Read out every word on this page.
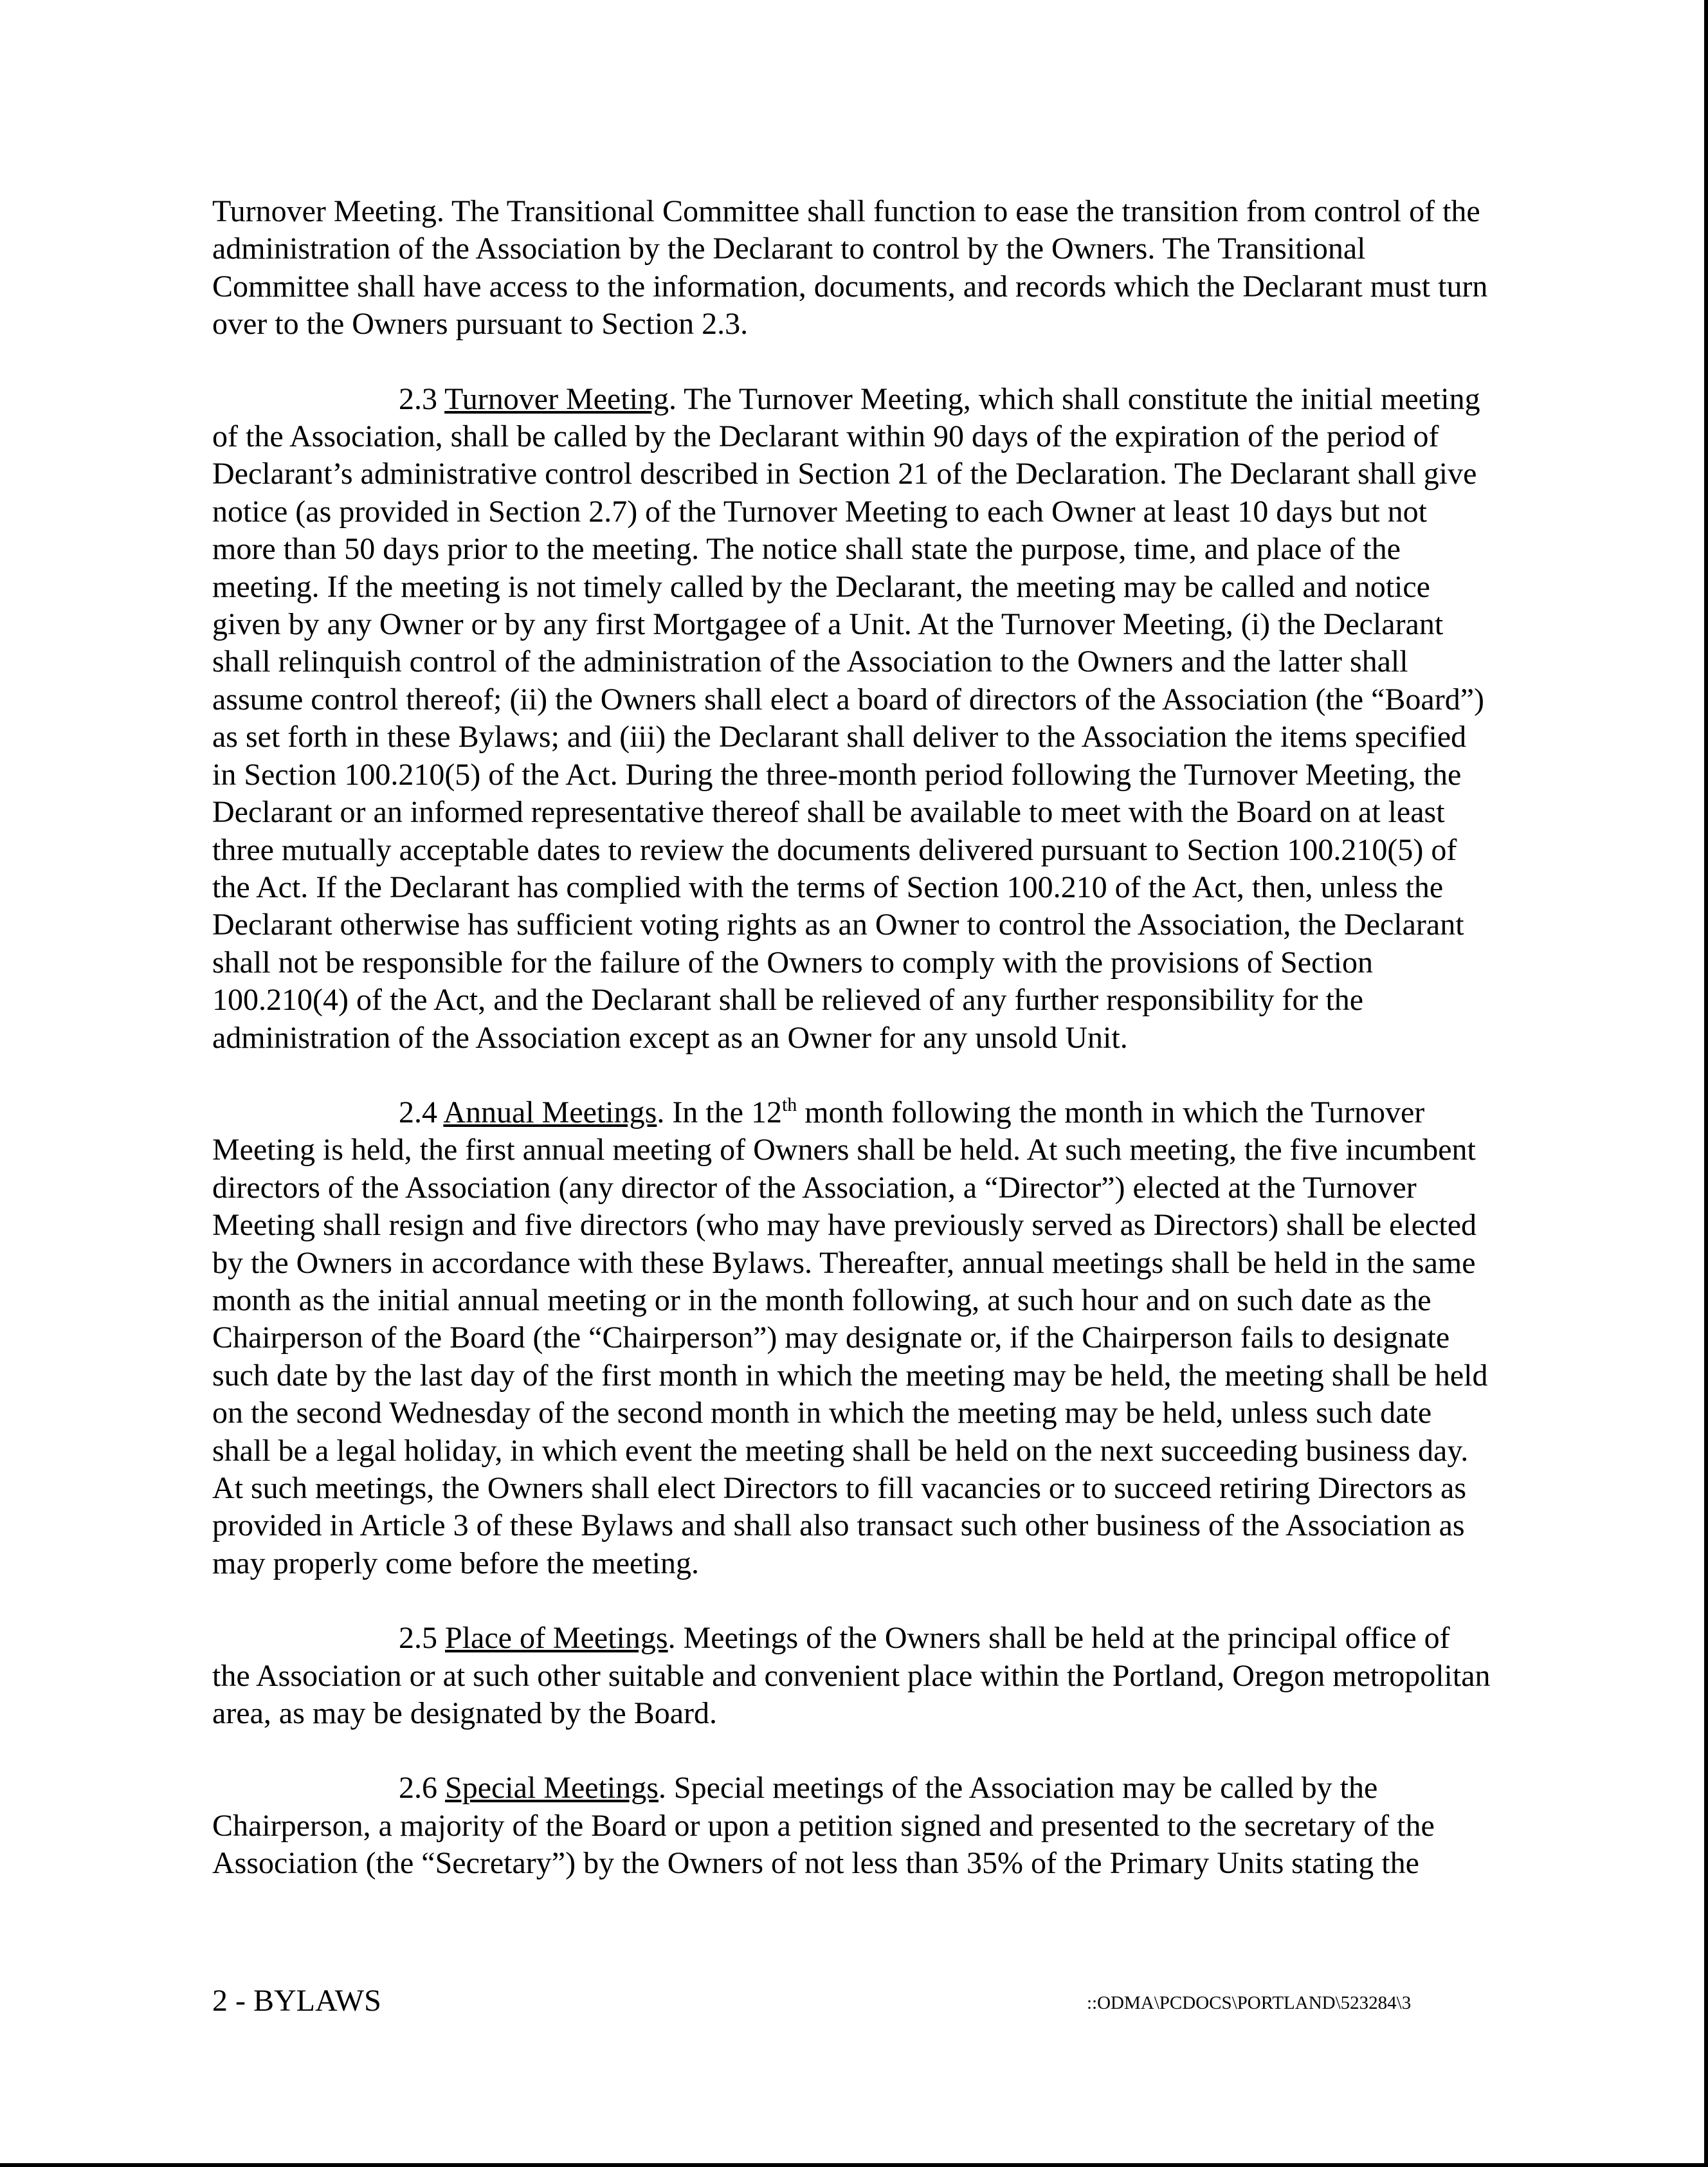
Turnover Meeting. The Transitional Committee shall function to ease the transition from control of the administration of the Association by the Declarant to control by the Owners. The Transitional Committee shall have access to the information, documents, and records which the Declarant must turn over to the Owners pursuant to Section 2.3.

2.3 Turnover Meeting. The Turnover Meeting, which shall constitute the initial meeting of the Association, shall be called by the Declarant within 90 days of the expiration of the period of Declarant’s administrative control described in Section 21 of the Declaration. The Declarant shall give notice (as provided in Section 2.7) of the Turnover Meeting to each Owner at least 10 days but not more than 50 days prior to the meeting. The notice shall state the purpose, time, and place of the meeting. If the meeting is not timely called by the Declarant, the meeting may be called and notice given by any Owner or by any first Mortgagee of a Unit. At the Turnover Meeting, (i) the Declarant shall relinquish control of the administration of the Association to the Owners and the latter shall assume control thereof; (ii) the Owners shall elect a board of directors of the Association (the “Board”) as set forth in these Bylaws; and (iii) the Declarant shall deliver to the Association the items specified in Section 100.210(5) of the Act. During the three-month period following the Turnover Meeting, the Declarant or an informed representative thereof shall be available to meet with the Board on at least three mutually acceptable dates to review the documents delivered pursuant to Section 100.210(5) of the Act. If the Declarant has complied with the terms of Section 100.210 of the Act, then, unless the Declarant otherwise has sufficient voting rights as an Owner to control the Association, the Declarant shall not be responsible for the failure of the Owners to comply with the provisions of Section 100.210(4) of the Act, and the Declarant shall be relieved of any further responsibility for the administration of the Association except as an Owner for any unsold Unit.

2.4 Annual Meetings. In the 12th month following the month in which the Turnover Meeting is held, the first annual meeting of Owners shall be held. At such meeting, the five incumbent directors of the Association (any director of the Association, a “Director”) elected at the Turnover Meeting shall resign and five directors (who may have previously served as Directors) shall be elected by the Owners in accordance with these Bylaws. Thereafter, annual meetings shall be held in the same month as the initial annual meeting or in the month following, at such hour and on such date as the Chairperson of the Board (the “Chairperson”) may designate or, if the Chairperson fails to designate such date by the last day of the first month in which the meeting may be held, the meeting shall be held on the second Wednesday of the second month in which the meeting may be held, unless such date shall be a legal holiday, in which event the meeting shall be held on the next succeeding business day. At such meetings, the Owners shall elect Directors to fill vacancies or to succeed retiring Directors as provided in Article 3 of these Bylaws and shall also transact such other business of the Association as may properly come before the meeting.

2.5 Place of Meetings. Meetings of the Owners shall be held at the principal office of the Association or at such other suitable and convenient place within the Portland, Oregon metropolitan area, as may be designated by the Board.

2.6 Special Meetings. Special meetings of the Association may be called by the Chairperson, a majority of the Board or upon a petition signed and presented to the secretary of the Association (the “Secretary”) by the Owners of not less than 35% of the Primary Units stating the

2 - BYLAWS	::ODMA\PCDOCS\PORTLAND\523284\3
